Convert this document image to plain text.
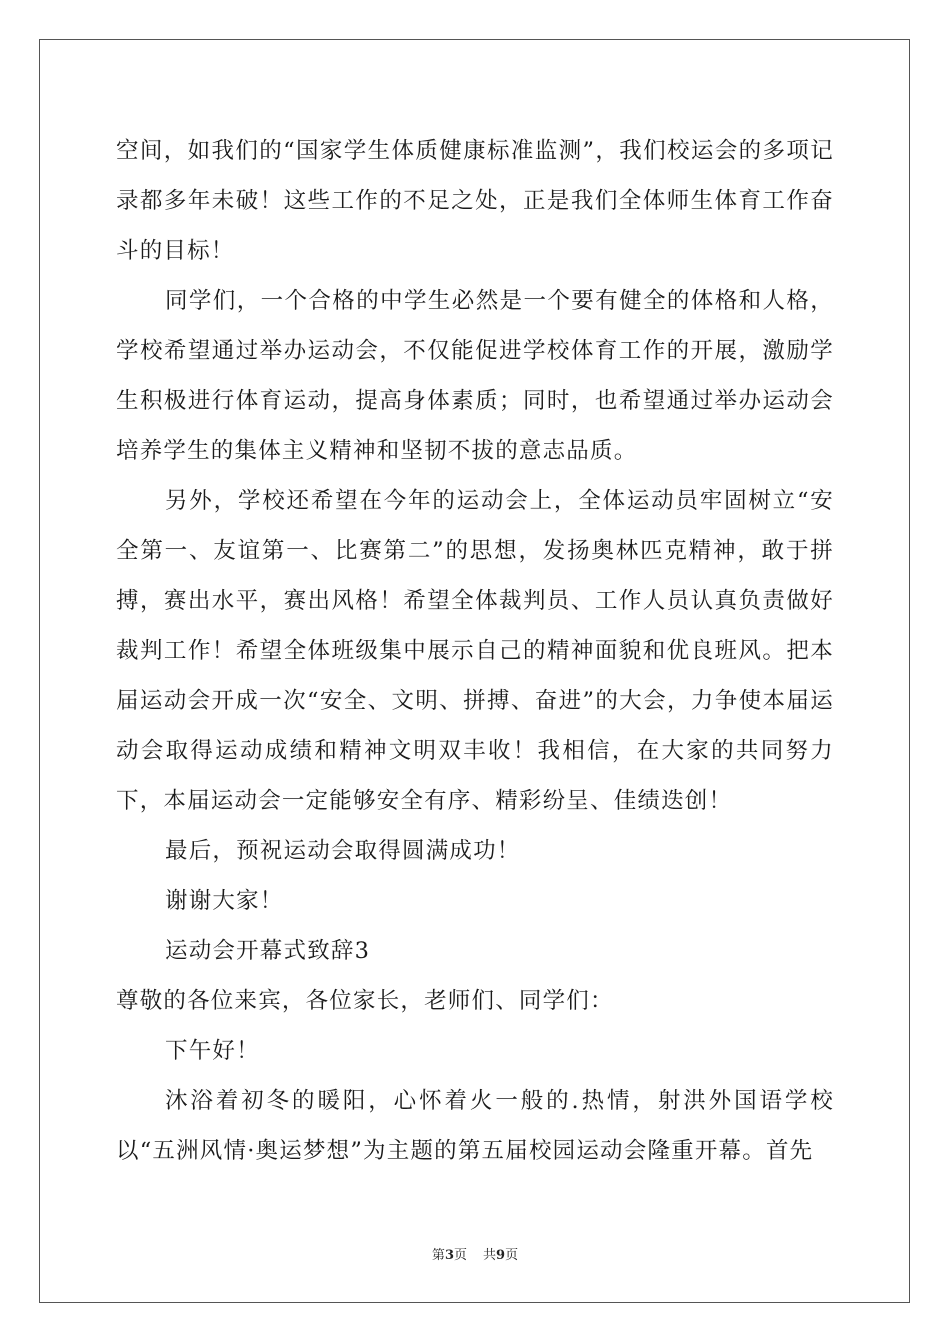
空间，如我们的“国家学生体质健康标准监测”，我们校运会的多项记录都多年未破！这些工作的不足之处，正是我们全体师生体育工作奋斗的目标！

同学们，一个合格的中学生必然是一个要有健全的体格和人格，学校希望通过举办运动会，不仅能促进学校体育工作的开展，激励学生积极进行体育运动，提高身体素质；同时，也希望通过举办运动会培养学生的集体主义精神和坚韧不拔的意志品质。

另外，学校还希望在今年的运动会上，全体运动员牢固树立“安全第一、友谊第一、比赛第二”的思想，发扬奥林匹克精神，敢于拼搏，赛出水平，赛出风格！希望全体裁判员、工作人员认真负责做好裁判工作！希望全体班级集中展示自己的精神面貌和优良班风。把本届运动会开成一次“安全、文明、拼搏、奋进”的大会，力争使本届运动会取得运动成绩和精神文明双丰收！我相信，在大家的共同努力下，本届运动会一定能够安全有序、精彩纷呈、佳绩迭创！

最后，预祝运动会取得圆满成功！

谢谢大家！

运动会开幕式致辞3

尊敬的各位来宾，各位家长，老师们、同学们：

下午好！

沐浴着初冬的暖阳，心怀着火一般的.热情，射洪外国语学校以“五洲风情·奥运梦想”为主题的第五届校园运动会隆重开幕。首先

第3页 共9页
